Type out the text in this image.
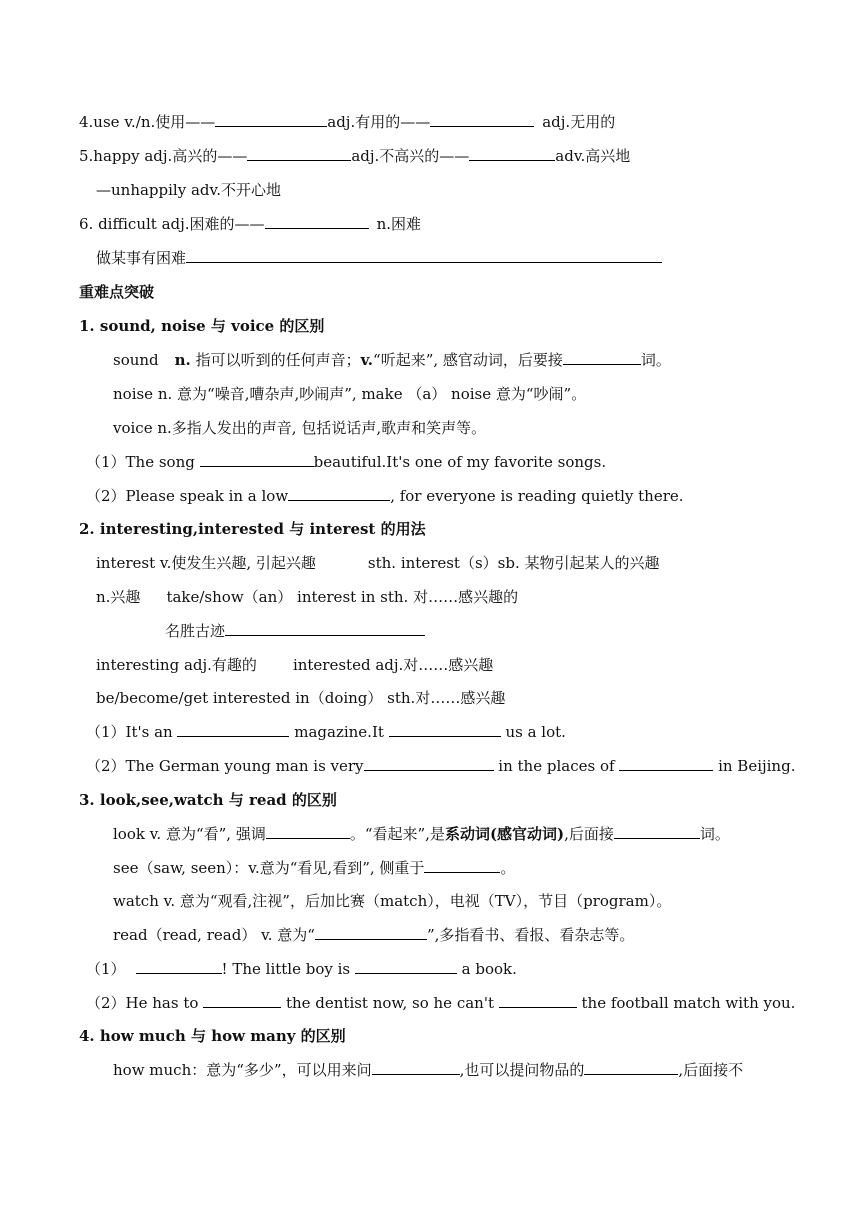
4.use v./n.使用——	adj.有用的——	adj.无用的
5.happy adj.高兴的——	adj.不高兴的——	adv.高兴地
—unhappily adv.不开心地
6. difficult adj.困难的——	n.困难
做某事有困难
重难点突破
1. sound, noise 与 voice 的区别
sound n. 指可以听到的任何声音；v.“听起来”, 感官动词，后要接	词。
noise n. 意为“噪音,嘈杂声,吵闹声”, make （a） noise 意为“吵闹”。
voice n.多指人发出的声音, 包括说话声,歌声和笑声等。
（1）The song	beautiful.It's one of my favorite songs.
（2）Please speak in a low	, for everyone is reading quietly there.
2. interesting,interested 与 interest 的用法
interest v.使发生兴趣, 引起兴趣	sth. interest（s）sb. 某物引起某人的兴趣
n.兴趣 take/show（an） interest in sth. 对……感兴趣的
名胜古迹
interesting adj.有趣的 interested adj.对……感兴趣
be/become/get interested in（doing） sth.对……感兴趣
（1）It's an	magazine.It	us a lot.
（2）The German young man is very	in the places of	in Beijing.
3. look,see,watch 与 read 的区别
look v. 意为“看”, 强调	。“看起来”,是系动词(感官动词),后面接	词。
see（saw, seen）：v.意为“看见,看到”, 侧重于	。
watch v. 意为“观看,注视”，后加比赛（match），电视（TV），节目（program）。
read（read, read） v. 意为“	”,多指看书、看报、看杂志等。
（1）	! The little boy is	a book.
（2）He has to	the dentist now, so he can't	the football match with you.
4. how much 与 how many 的区别
how much：意为“多少”，可以用来问	,也可以提问物品的	,后面接不
